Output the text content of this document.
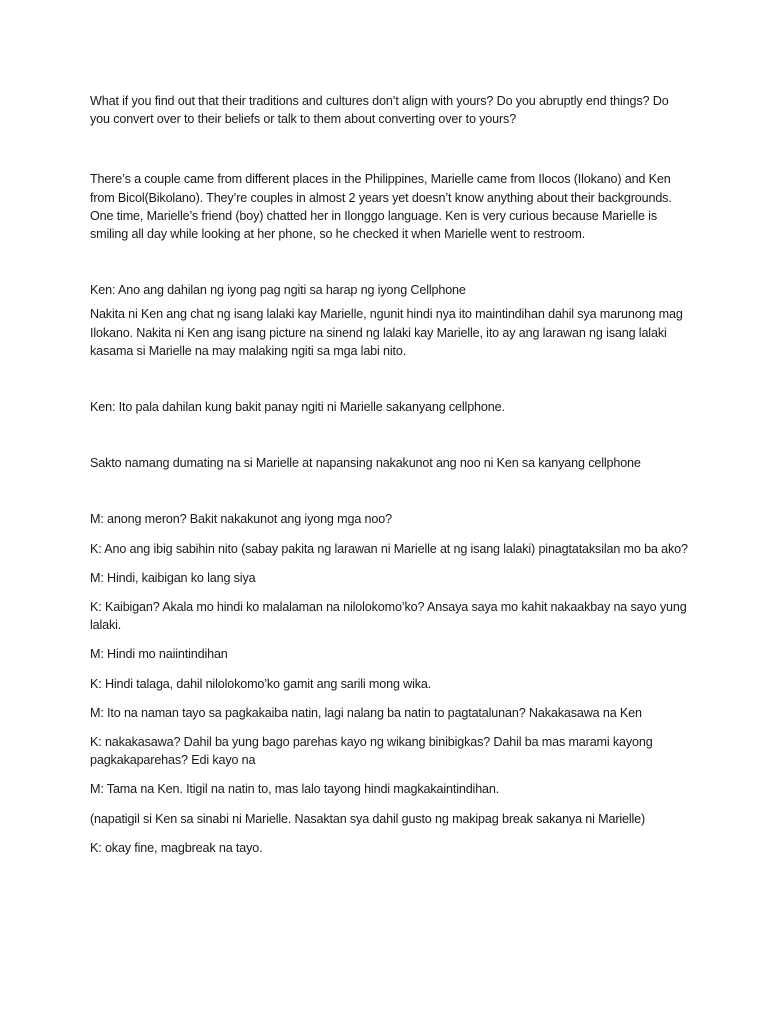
What if you find out that their traditions and cultures don’t align with yours? Do you abruptly end things? Do you convert over to their beliefs or talk to them about converting over to yours?

There’s a couple came from different places in the Philippines, Marielle came from Ilocos (Ilokano) and Ken from Bicol(Bikolano). They’re couples in almost 2 years yet doesn’t know anything about their backgrounds. One time, Marielle’s friend (boy) chatted her in Ilonggo language. Ken is very curious because Marielle is smiling all day while looking at her phone, so he checked it when Marielle went to restroom.

Ken: Ano ang dahilan ng iyong pag ngiti sa harap ng iyong Cellphone

Nakita ni Ken ang chat ng isang lalaki kay Marielle, ngunit hindi nya ito maintindihan dahil sya marunong mag Ilokano. Nakita ni Ken ang isang picture na sinend ng lalaki kay Marielle, ito ay ang larawan ng isang lalaki kasama si Marielle na may malaking ngiti sa mga labi nito.

Ken: Ito pala dahilan kung bakit panay ngiti ni Marielle sakanyang cellphone.

Sakto namang dumating na si Marielle at napansing nakakunot ang noo ni Ken sa kanyang cellphone

M: anong meron? Bakit nakakunot ang iyong mga noo?

K: Ano ang ibig sabihin nito (sabay pakita ng larawan ni Marielle at ng isang lalaki) pinagtataksilan mo ba ako?

M: Hindi, kaibigan ko lang siya

K: Kaibigan? Akala mo hindi ko malalaman na nilolokomo’ko? Ansaya saya mo kahit nakaakbay na sayo yung lalaki.

M: Hindi mo naiintindihan

K: Hindi talaga, dahil nilolokomo’ko gamit ang sarili mong wika.

M: Ito na naman tayo sa pagkakaiba natin, lagi nalang ba natin to pagtatalunan? Nakakasawa na Ken

K: nakakasawa? Dahil ba yung bago parehas kayo ng wikang binibigkas? Dahil ba mas marami kayong pagkakaparehas? Edi kayo na

M: Tama na Ken. Itigil na natin to, mas lalo tayong hindi magkakaintindihan.

(napatigil si Ken sa sinabi ni Marielle. Nasaktan sya dahil gusto ng makipag break sakanya ni Marielle)

K: okay fine, magbreak na tayo.
